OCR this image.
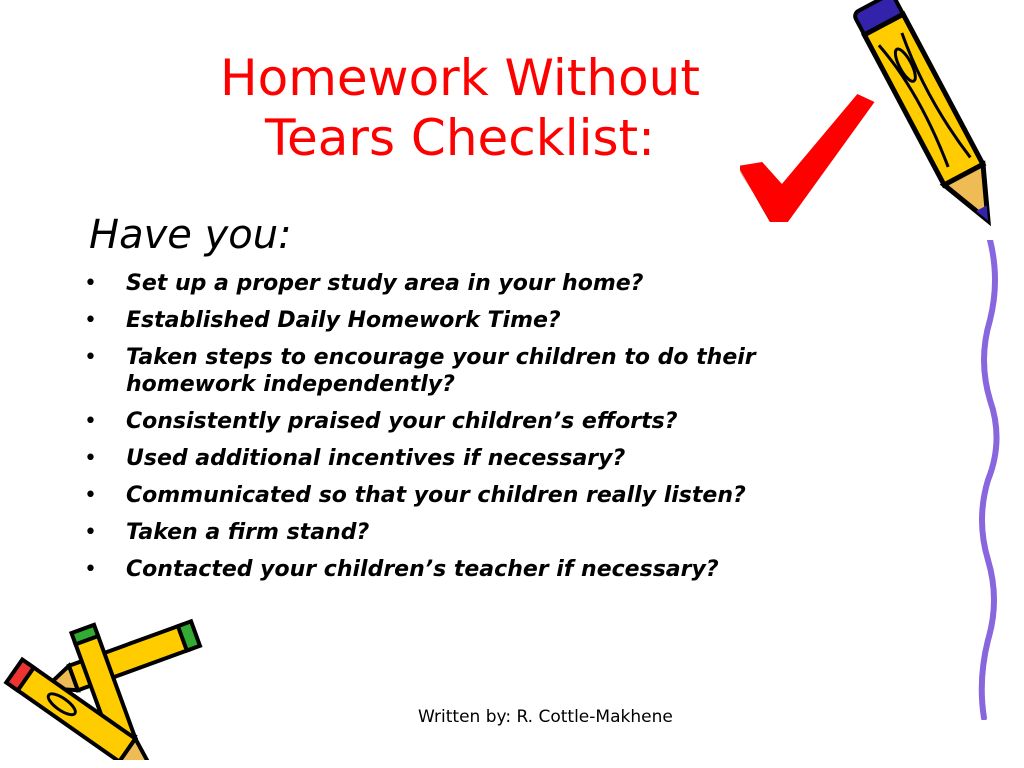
Homework Without
Tears Checklist:

Have you:

• Set up a proper study area in your home?
• Established Daily Homework Time?
• Taken steps to encourage your children to do their homework independently?
• Consistently praised your children’s efforts?
• Used additional incentives if necessary?
• Communicated so that your children really listen?
• Taken a firm stand?
• Contacted your children’s teacher if necessary?

Written by: R. Cottle-Makhene
